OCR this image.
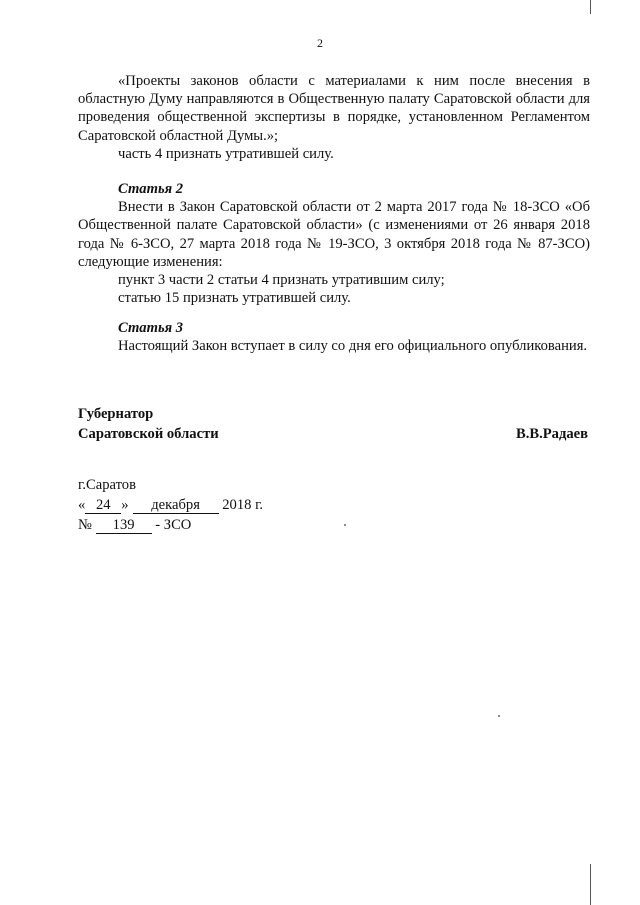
2

«Проекты законов области с материалами к ним после внесения в областную Думу направляются в Общественную палату Саратовской области для проведения общественной экспертизы в порядке, установленном Регламентом Саратовской областной Думы.»;

часть 4 признать утратившей силу.

Статья 2

Внести в Закон Саратовской области от 2 марта 2017 года № 18-ЗСО «Об Общественной палате Саратовской области» (с изменениями от 26 января 2018 года № 6-ЗСО, 27 марта 2018 года № 19-ЗСО, 3 октября 2018 года № 87-ЗСО) следующие изменения:

пункт 3 части 2 статьи 4 признать утратившим силу;

статью 15 признать утратившей силу.

Статья 3

Настоящий Закон вступает в силу со дня его официального опубликования.

Губернатор

Саратовской области	В.В.Радаев

г.Саратов

« 24 » декабря 2018 г.

№ 139 - ЗСО
